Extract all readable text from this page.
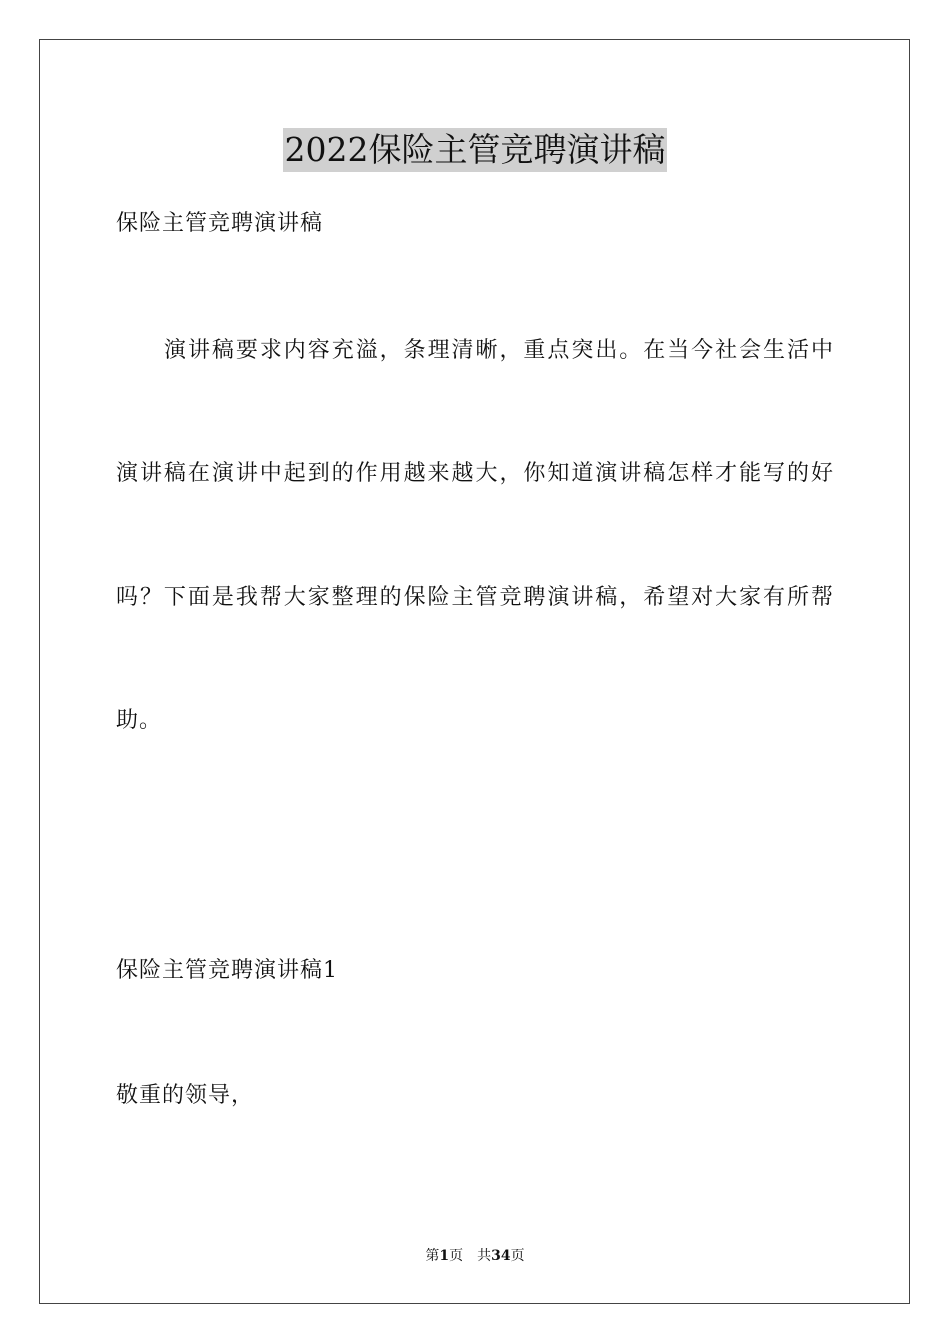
2022保险主管竞聘演讲稿
保险主管竞聘演讲稿
演讲稿要求内容充溢，条理清晰，重点突出。在当今社会生活中
演讲稿在演讲中起到的作用越来越大，你知道演讲稿怎样才能写的好
吗？下面是我帮大家整理的保险主管竞聘演讲稿，希望对大家有所帮
助。
保险主管竞聘演讲稿1
敬重的领导，
第1页 共34页
